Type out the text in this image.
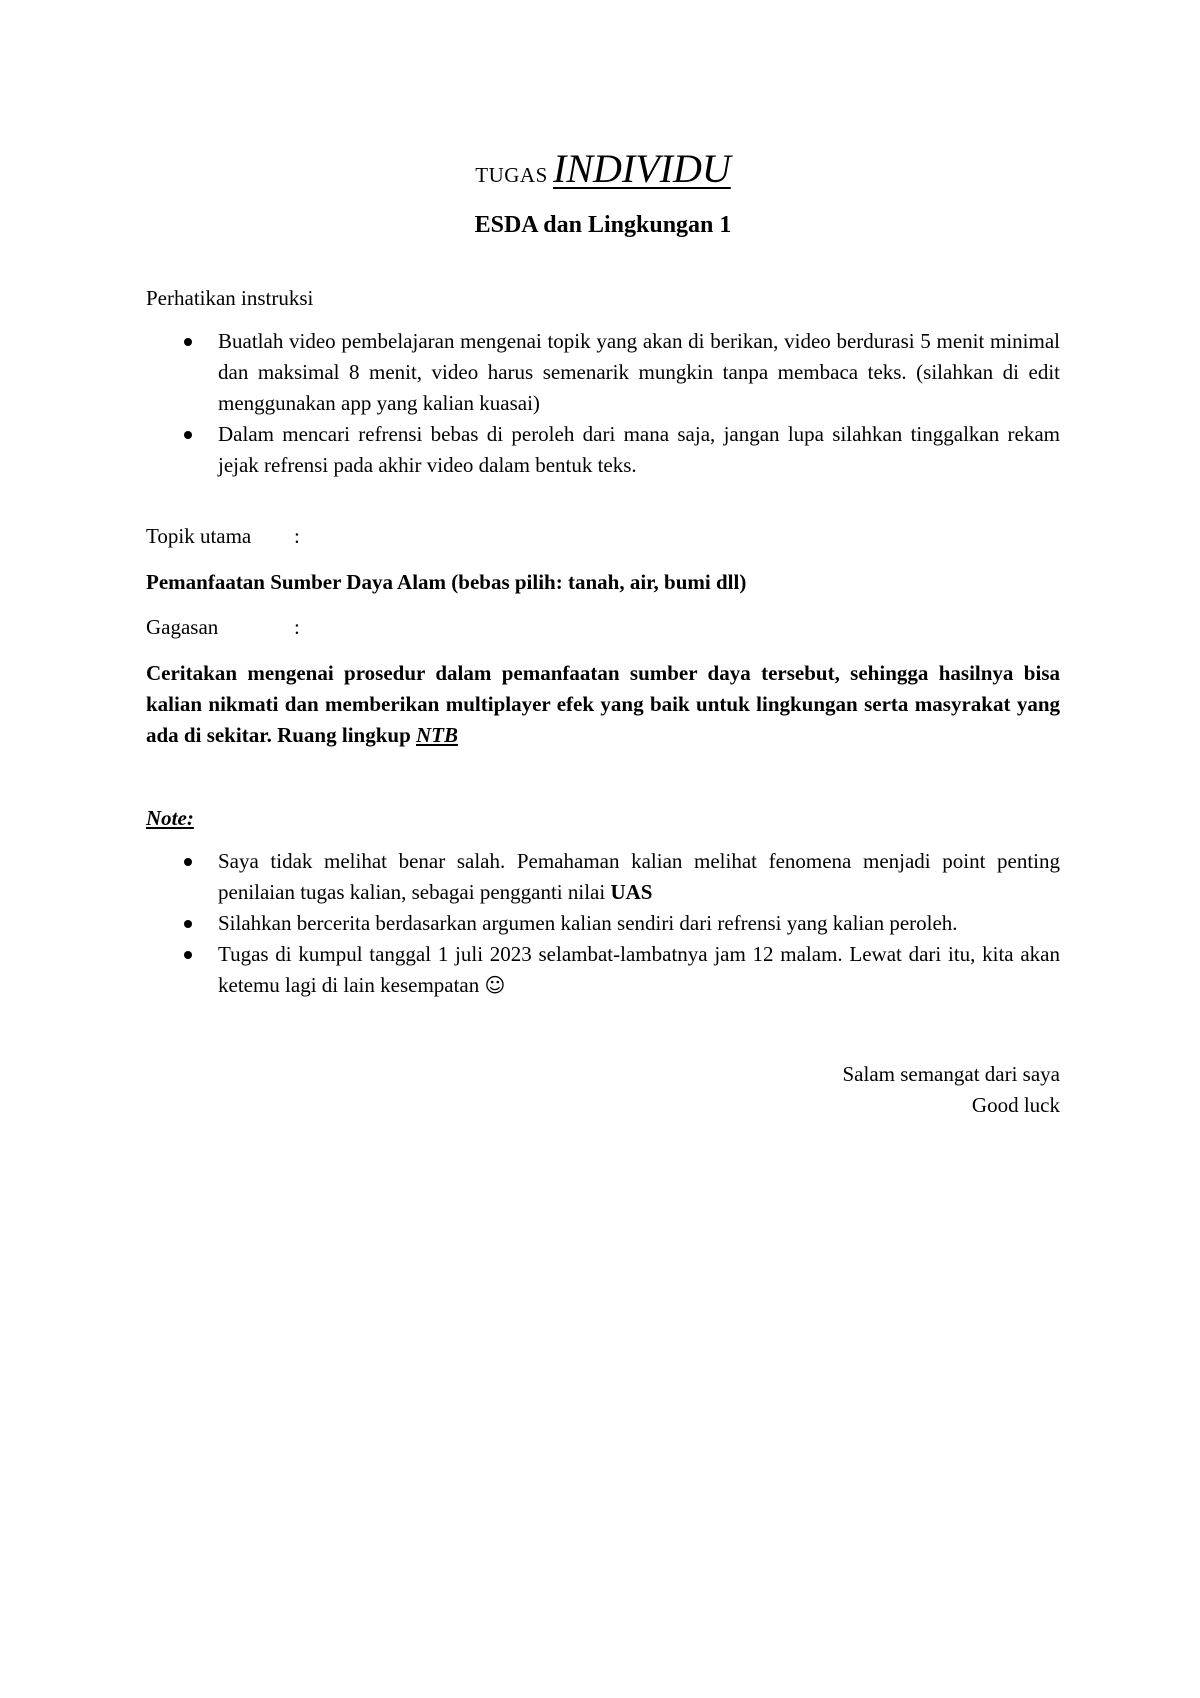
TUGAS INDIVIDU
ESDA dan Lingkungan 1

Perhatikan instruksi

Buatlah video pembelajaran mengenai topik yang akan di berikan, video berdurasi 5 menit minimal dan maksimal 8 menit, video harus semenarik mungkin tanpa membaca teks. (silahkan di edit menggunakan app yang kalian kuasai)
Dalam mencari refrensi bebas di peroleh dari mana saja, jangan lupa silahkan tinggalkan rekam jejak refrensi pada akhir video dalam bentuk teks.
Topik utama :

Pemanfaatan Sumber Daya Alam (bebas pilih: tanah, air, bumi dll)

Gagasan	:

Ceritakan mengenai prosedur dalam pemanfaatan sumber daya tersebut, sehingga hasilnya bisa kalian nikmati dan memberikan multiplayer efek yang baik untuk lingkungan serta masyrakat yang ada di sekitar. Ruang lingkup NTB

Note:

Saya tidak melihat benar salah. Pemahaman kalian melihat fenomena menjadi point penting penilaian tugas kalian, sebagai pengganti nilai UAS
Silahkan bercerita berdasarkan argumen kalian sendiri dari refrensi yang kalian peroleh.
Tugas di kumpul tanggal 1 juli 2023 selambat-lambatnya jam 12 malam. Lewat dari itu, kita akan ketemu lagi di lain kesempatan ☺
Salam semangat dari saya
Good luck
